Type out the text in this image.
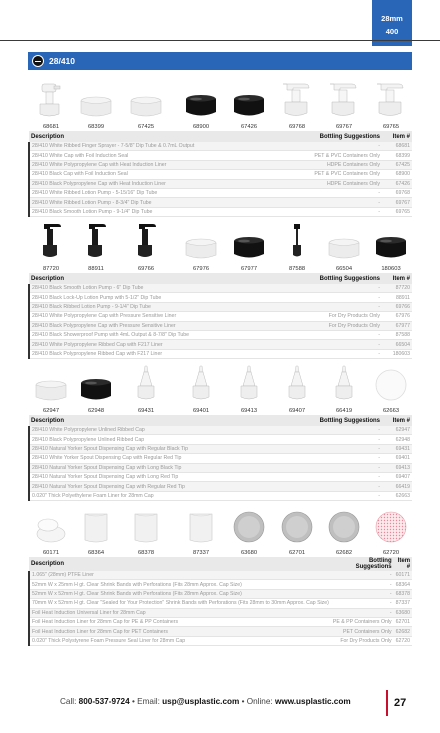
28mm
400
28/410
68681	68399	67425	68900	67426	69768	69767	69765
Description	Bottling Suggestions	Item #
28/410 White Ribbed Finger Sprayer - 7-5/8" Dip Tube & 0.7mL Output	-	68681
28/410 White Cap with Foil Induction Seal	PET & PVC Containers Only	68399
28/410 White Polypropylene Cap with Heat Induction Liner	HDPE Containers Only	67425
28/410 Black Cap with Foil Induction Seal	PET & PVC Containers Only	68900
28/410 Black Polypropylene Cap with Heat Induction Liner	HDPE Containers Only	67426
28/410 White Ribbed Lotion Pump - 5-15/16" Dip Tube	-	69768
28/410 White Ribbed Lotion Pump - 8-3/4" Dip Tube	-	69767
28/410 Black Smooth Lotion Pump - 9-1/4" Dip Tube	-	69765
87720	88911	69766	67976	67977	87588	66504	180603
Description	Bottling Suggestions	Item #
28/410 Black Smooth Lotion Pump - 6" Dip Tube	-	87720
28/410 Black Lock-Up Lotion Pump with 5-1/2" Dip Tube	-	88911
28/410 Black Ribbed Lotion Pump - 9-1/4" Dip Tube	-	69766
28/410 White Polypropylene Cap with Pressure Sensitive Liner	For Dry Products Only	67976
28/410 Black Polypropylene Cap with Pressure Sensitive Liner	For Dry Products Only	67977
28/410 Black Showerproof Pump with 4mL Output & 8-7/8" Dip Tube	-	87588
28/410 White Polypropylene Ribbed Cap with F217 Liner	-	66504
28/410 Black Polypropylene Ribbed Cap with F217 Liner	-	180603
62947	62948	69431	69401	69413	69407	66419	62663
Description	Bottling Suggestions	Item #
28/410 White Polypropylene Unlined Ribbed Cap	-	62947
28/410 Black Polypropylene Unlined Ribbed Cap	-	62948
28/410 Natural Yorker Spout Dispensing Cap with Regular Black Tip	-	69431
28/410 White Yorker Spout Dispensing Cap with Regular Red Tip	-	69401
28/410 Natural Yorker Spout Dispensing Cap with Long Black Tip	-	69413
28/410 Natural Yorker Spout Dispensing Cap with Long Red Tip	-	69407
28/410 Natural Yorker Spout Dispensing Cap with Regular Red Tip	-	66419
0.020" Thick Polyethylene Foam Liner for 28mm Cap	-	62663
60171	68364	68378	87337	63680	62701	62682	62720
Description	Bottling Suggestions	Item #
1.065" (28mm) PTFE Liner	-	60171
52mm W x 25mm H gt. Clear Shrink Bands with Perforations (Fits 28mm Approx. Cap Size)	-	68364
52mm W x 52mm H gt. Clear Shrink Bands with Perforations (Fits 28mm Approx. Cap Size)	-	68378
70mm W x 52mm H gt. Clear "Sealed for Your Protection" Shrink Bands with Perforations (Fits 28mm to 30mm Approx. Cap Size)	-	87337
Foil Heat Induction Universal Liner for 28mm Cap	-	63680
Foil Heat Induction Liner for 28mm Cap for PE & PP Containers	PE & PP Containers Only	62701
Foil Heat Induction Liner for 28mm Cap for PET Containers	PET Containers Only	62682
0.020" Thick Polystyrene Foam Pressure Seal Liner for 28mm Cap	For Dry Products Only	62720
Call: 800-537-9724 • Email: usp@usplastic.com • Online: www.usplastic.com	27
